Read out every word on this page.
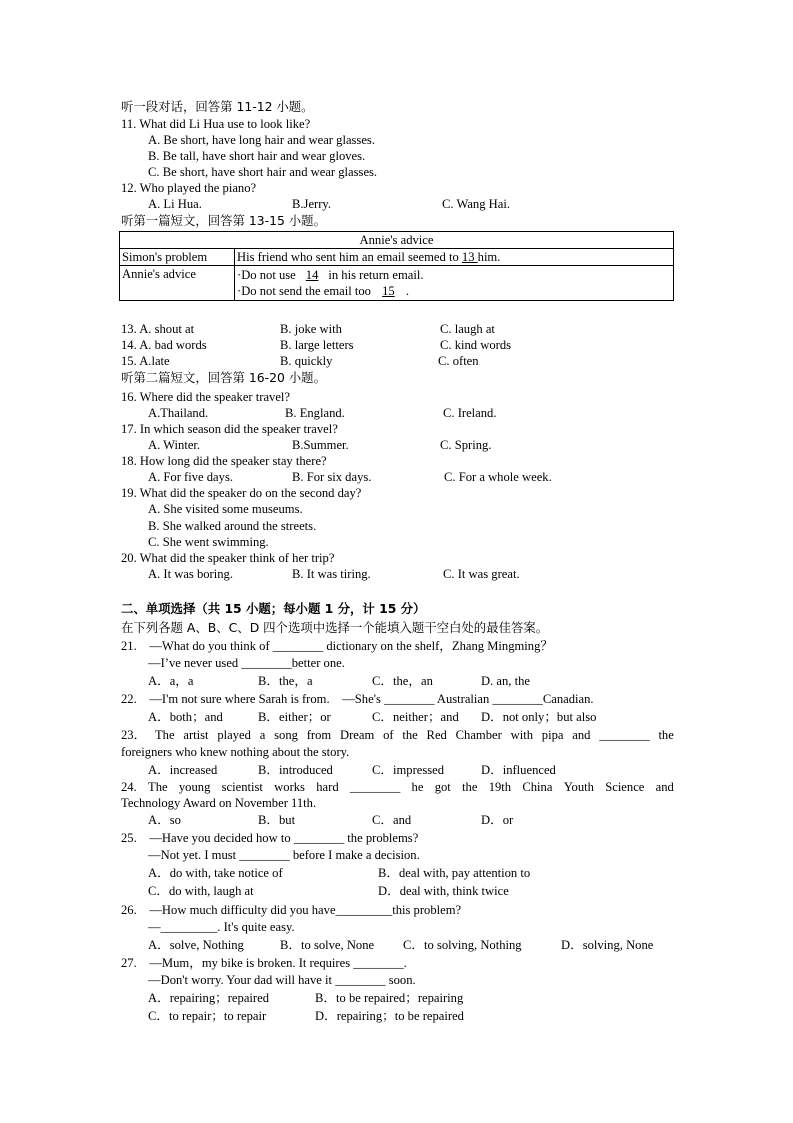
听一段对话，回答第 11-12 小题。
11. What did Li Hua use to look like?
A. Be short, have long hair and wear glasses.
B. Be tall, have short hair and wear gloves.
C. Be short, have short hair and wear glasses.
12. Who played the piano?
A. Li Hua.	B.Jerry.	C. Wang Hai.
听第一篇短文，回答第 13-15 小题。
Annie's advice	
Simon's problem	His friend who sent him an email seemed to 13 him.
Annie's advice	·Do not use 14 in his return email.
·Do not send the email too 15 .
13. A. shout at	B. joke with	C. laugh at
14. A. bad words	B. large letters	C. kind words
15. A.late	B. quickly	C. often
听第二篇短文，回答第 16-20 小题。
16. Where did the speaker travel?
A.Thailand.	B. England.	C. Ireland.
17. In which season did the speaker travel?
A. Winter.	B.Summer.	C. Spring.
18. How long did the speaker stay there?
A. For five days.	B. For six days.	C. For a whole week.
19. What did the speaker do on the second day?
A. She visited some museums.
B. She walked around the streets.
C. She went swimming.
20. What did the speaker think of her trip?
A. It was boring.	B. It was tiring.	C. It was great.
二、单项选择（共 15 小题；每小题 1 分，计 15 分）
在下列各题 A、B、C、D 四个选项中选择一个能填入题干空白处的最佳答案。
21.　—What do you think of ________ dictionary on the shelf，Zhang Mingming？
—I’ve never used ________better one.
A．a，a	B．the，a	C．the，an	D. an, the
22.　—I'm not sure where Sarah is from.　—She's ________ Australian ________Canadian.
A．both；and	B．either；or	C．neither；and D．not only；but also
23． The artist played a song from Dream of the Red Chamber with pipa and ________ the
foreigners who knew nothing about the story.
A．increased	B．introduced	C．impressed	D．influenced
24. The young scientist works hard ________ he got the 19th China Youth Science and
Technology Award on November 11th.
A．so	B．but	C．and	D．or
25.　—Have you decided how to ________ the problems?
—Not yet. I must ________ before I make a decision.
A．do with, take notice of	B．deal with, pay attention to
C．do with, laugh at	D．deal with, think twice
26.　—How much difficulty did you have_________this problem?
—_________. It's quite easy.
A．solve, Nothing	B．to solve, None C．to solving, Nothing	D．solving, None
27.　—Mum，my bike is broken. It requires ________.
—Don't worry. Your dad will have it ________ soon.
A．repairing；repaired	B．to be repaired；repairing
C．to repair；to repair	D．repairing；to be repaired
